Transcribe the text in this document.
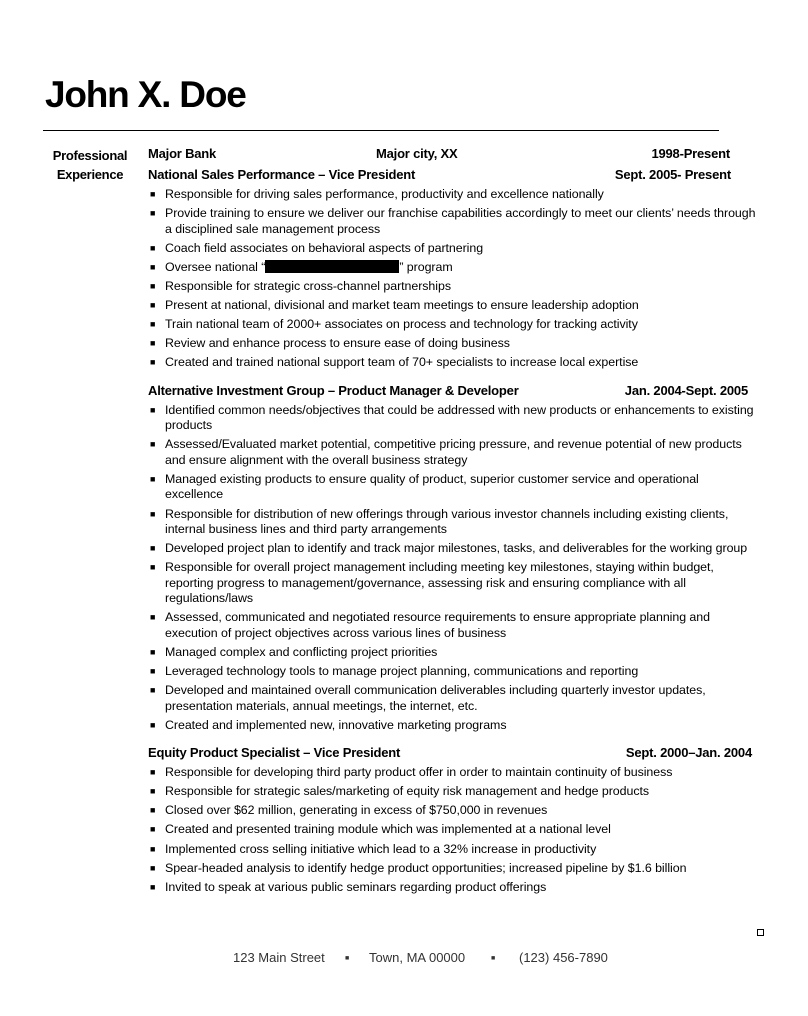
John X. Doe
Professional
Experience
Major Bank	Major city, XX	1998-Present
National Sales Performance – Vice President	Sept. 2005- Present
■ Responsible for driving sales performance, productivity and excellence nationally
■ Provide training to ensure we deliver our franchise capabilities accordingly to meet our clients’ needs through a disciplined sale management process
■ Coach field associates on behavioral aspects of partnering
■ Oversee national “	” program
■ Responsible for strategic cross-channel partnerships
■ Present at national, divisional and market team meetings to ensure leadership adoption
■ Train national team of 2000+ associates on process and technology for tracking activity
■ Review and enhance process to ensure ease of doing business
■ Created and trained national support team of 70+ specialists to increase local expertise
Alternative Investment Group – Product Manager & Developer	Jan. 2004-Sept. 2005
■ Identified common needs/objectives that could be addressed with new products or enhancements to existing products
■ Assessed/Evaluated market potential, competitive pricing pressure, and revenue potential of new products and ensure alignment with the overall business strategy
■ Managed existing products to ensure quality of product, superior customer service and operational excellence
■ Responsible for distribution of new offerings through various investor channels including existing clients, internal business lines and third party arrangements
■ Developed project plan to identify and track major milestones, tasks, and deliverables for the working group
■ Responsible for overall project management including meeting key milestones, staying within budget, reporting progress to management/governance, assessing risk and ensuring compliance with all regulations/laws
■ Assessed, communicated and negotiated resource requirements to ensure appropriate planning and execution of project objectives across various lines of business
■ Managed complex and conflicting project priorities
■ Leveraged technology tools to manage project planning, communications and reporting
■ Developed and maintained overall communication deliverables including quarterly investor updates, presentation materials, annual meetings, the internet, etc.
■ Created and implemented new, innovative marketing programs
Equity Product Specialist – Vice President	Sept. 2000–Jan. 2004
■ Responsible for developing third party product offer in order to maintain continuity of business
■ Responsible for strategic sales/marketing of equity risk management and hedge products
■ Closed over $62 million, generating in excess of $750,000 in revenues
■ Created and presented training module which was implemented at a national level
■ Implemented cross selling initiative which lead to a 32% increase in productivity
■ Spear-headed analysis to identify hedge product opportunities; increased pipeline by $1.6 billion
■ Invited to speak at various public seminars regarding product offerings
123 Main Street	■ Town, MA 00000	■ (123) 456-7890
